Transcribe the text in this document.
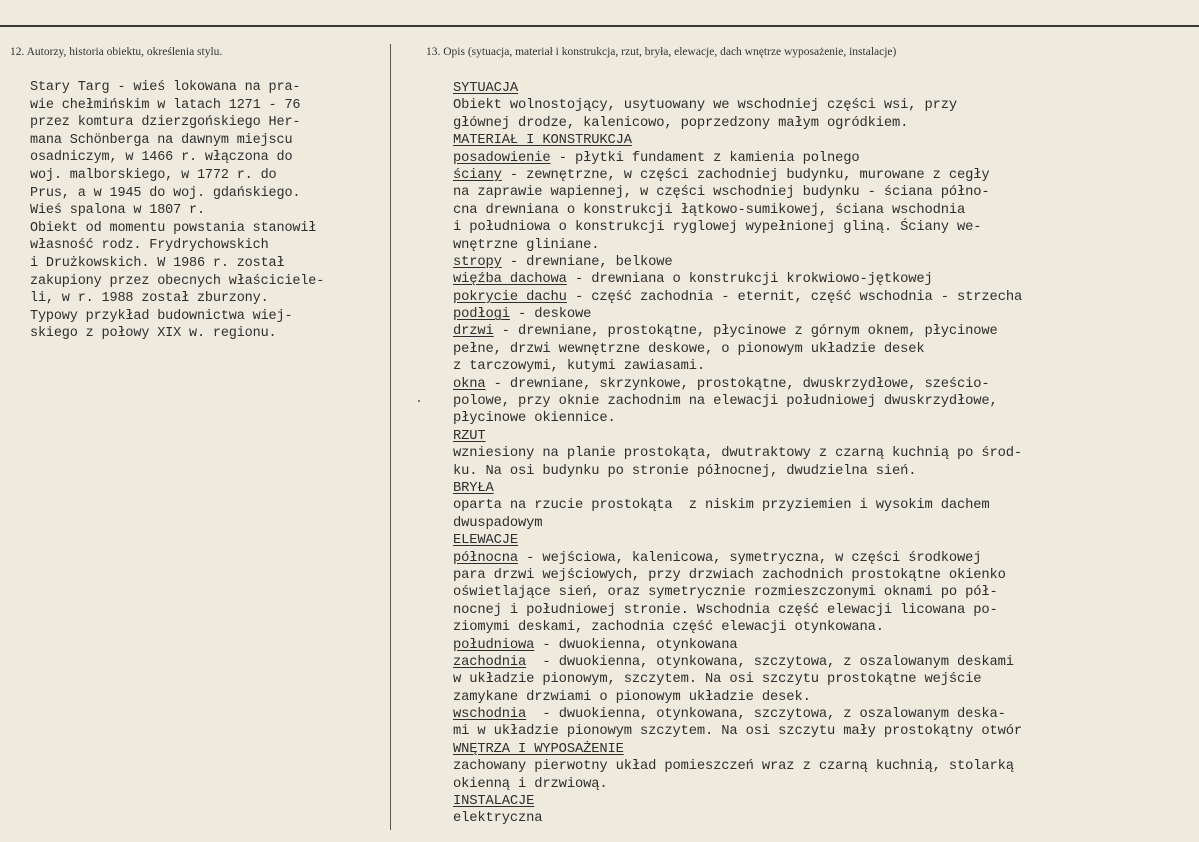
12. Autorzy, historia obiektu, określenia stylu.	13. Opis (sytuacja, materiał i konstrukcja, rzut, bryła, elewacje, dach wnętrze wyposażenie, instalacje)
Stary Targ - wieś lokowana na pra-
wie chełmińskim w latach 1271 - 76
przez komtura dzierzgońskiego Her-
mana Schönberga na dawnym miejscu
osadniczym, w 1466 r. włączona do
woj. malborskiego, w 1772 r. do
Prus, a w 1945 do woj. gdańskiego.
Wieś spalona w 1807 r.
Obiekt od momentu powstania stanowił
własność rodz. Frydrychowskich
i Drużkowskich. W 1986 r. został
zakupiony przez obecnych właściciele-
li, w r. 1988 został zburzony.
Typowy przykład budownictwa wiej-
skiego z połowy XIX w. regionu.
SYTUACJA
Obiekt wolnostojący, usytuowany we wschodniej części wsi, przy
głównej drodze, kalenicowo, poprzedzony małym ogródkiem.
MATERIAŁ I KONSTRUKCJA
posadowienie - płytki fundament z kamienia polnego
ściany - zewnętrzne, w części zachodniej budynku, murowane z cegły
na zaprawie wapiennej, w części wschodniej budynku - ściana półno-
cna drewniana o konstrukcji łątkowo-sumikowej, ściana wschodnia
i południowa o konstrukcji ryglowej wypełnionej gliną. Ściany we-
wnętrzne gliniane.
stropy - drewniane, belkowe
więźba dachowa - drewniana o konstrukcji krokwiowo-jętkowej
pokrycie dachu - część zachodnia - eternit, część wschodnia - strzecha
podłogi - deskowe
drzwi - drewniane, prostokątne, płycinowe z górnym oknem, płycinowe
pełne, drzwi wewnętrzne deskowe, o pionowym układzie desek
z tarczowymi, kutymi zawiasami.
okna - drewniane, skrzynkowe, prostokątne, dwuskrzydłowe, sześcio-
polowe, przy oknie zachodnim na elewacji południowej dwuskrzydłowe,
płycinowe okiennice.
RZUT
wzniesiony na planie prostokąta, dwutraktowy z czarną kuchnią po środ-
ku. Na osi budynku po stronie północnej, dwudzielna sień.
BRYŁA
oparta na rzucie prostokąta  z niskim przyziemien i wysokim dachem
dwuspadowym
ELEWACJE
północna - wejściowa, kalenicowa, symetryczna, w części środkowej
para drzwi wejściowych, przy drzwiach zachodnich prostokątne okienko
oświetlające sień, oraz symetrycznie rozmieszczonymi oknami po pół-
nocnej i południowej stronie. Wschodnia część elewacji licowana po-
ziomymi deskami, zachodnia część elewacji otynkowana.
południowa - dwuokienna, otynkowana
zachodnia  - dwuokienna, otynkowana, szczytowa, z oszalowanym deskami
w układzie pionowym, szczytem. Na osi szczytu prostokątne wejście
zamykane drzwiami o pionowym układzie desek.
wschodnia  - dwuokienna, otynkowana, szczytowa, z oszalowanym deska-
mi w układzie pionowym szczytem. Na osi szczytu mały prostokątny otwór
WNĘTRZA I WYPOSAŻENIE
zachowany pierwotny układ pomieszczeń wraz z czarną kuchnią, stolarką
okienną i drzwiową.
INSTALACJE
elektryczna
